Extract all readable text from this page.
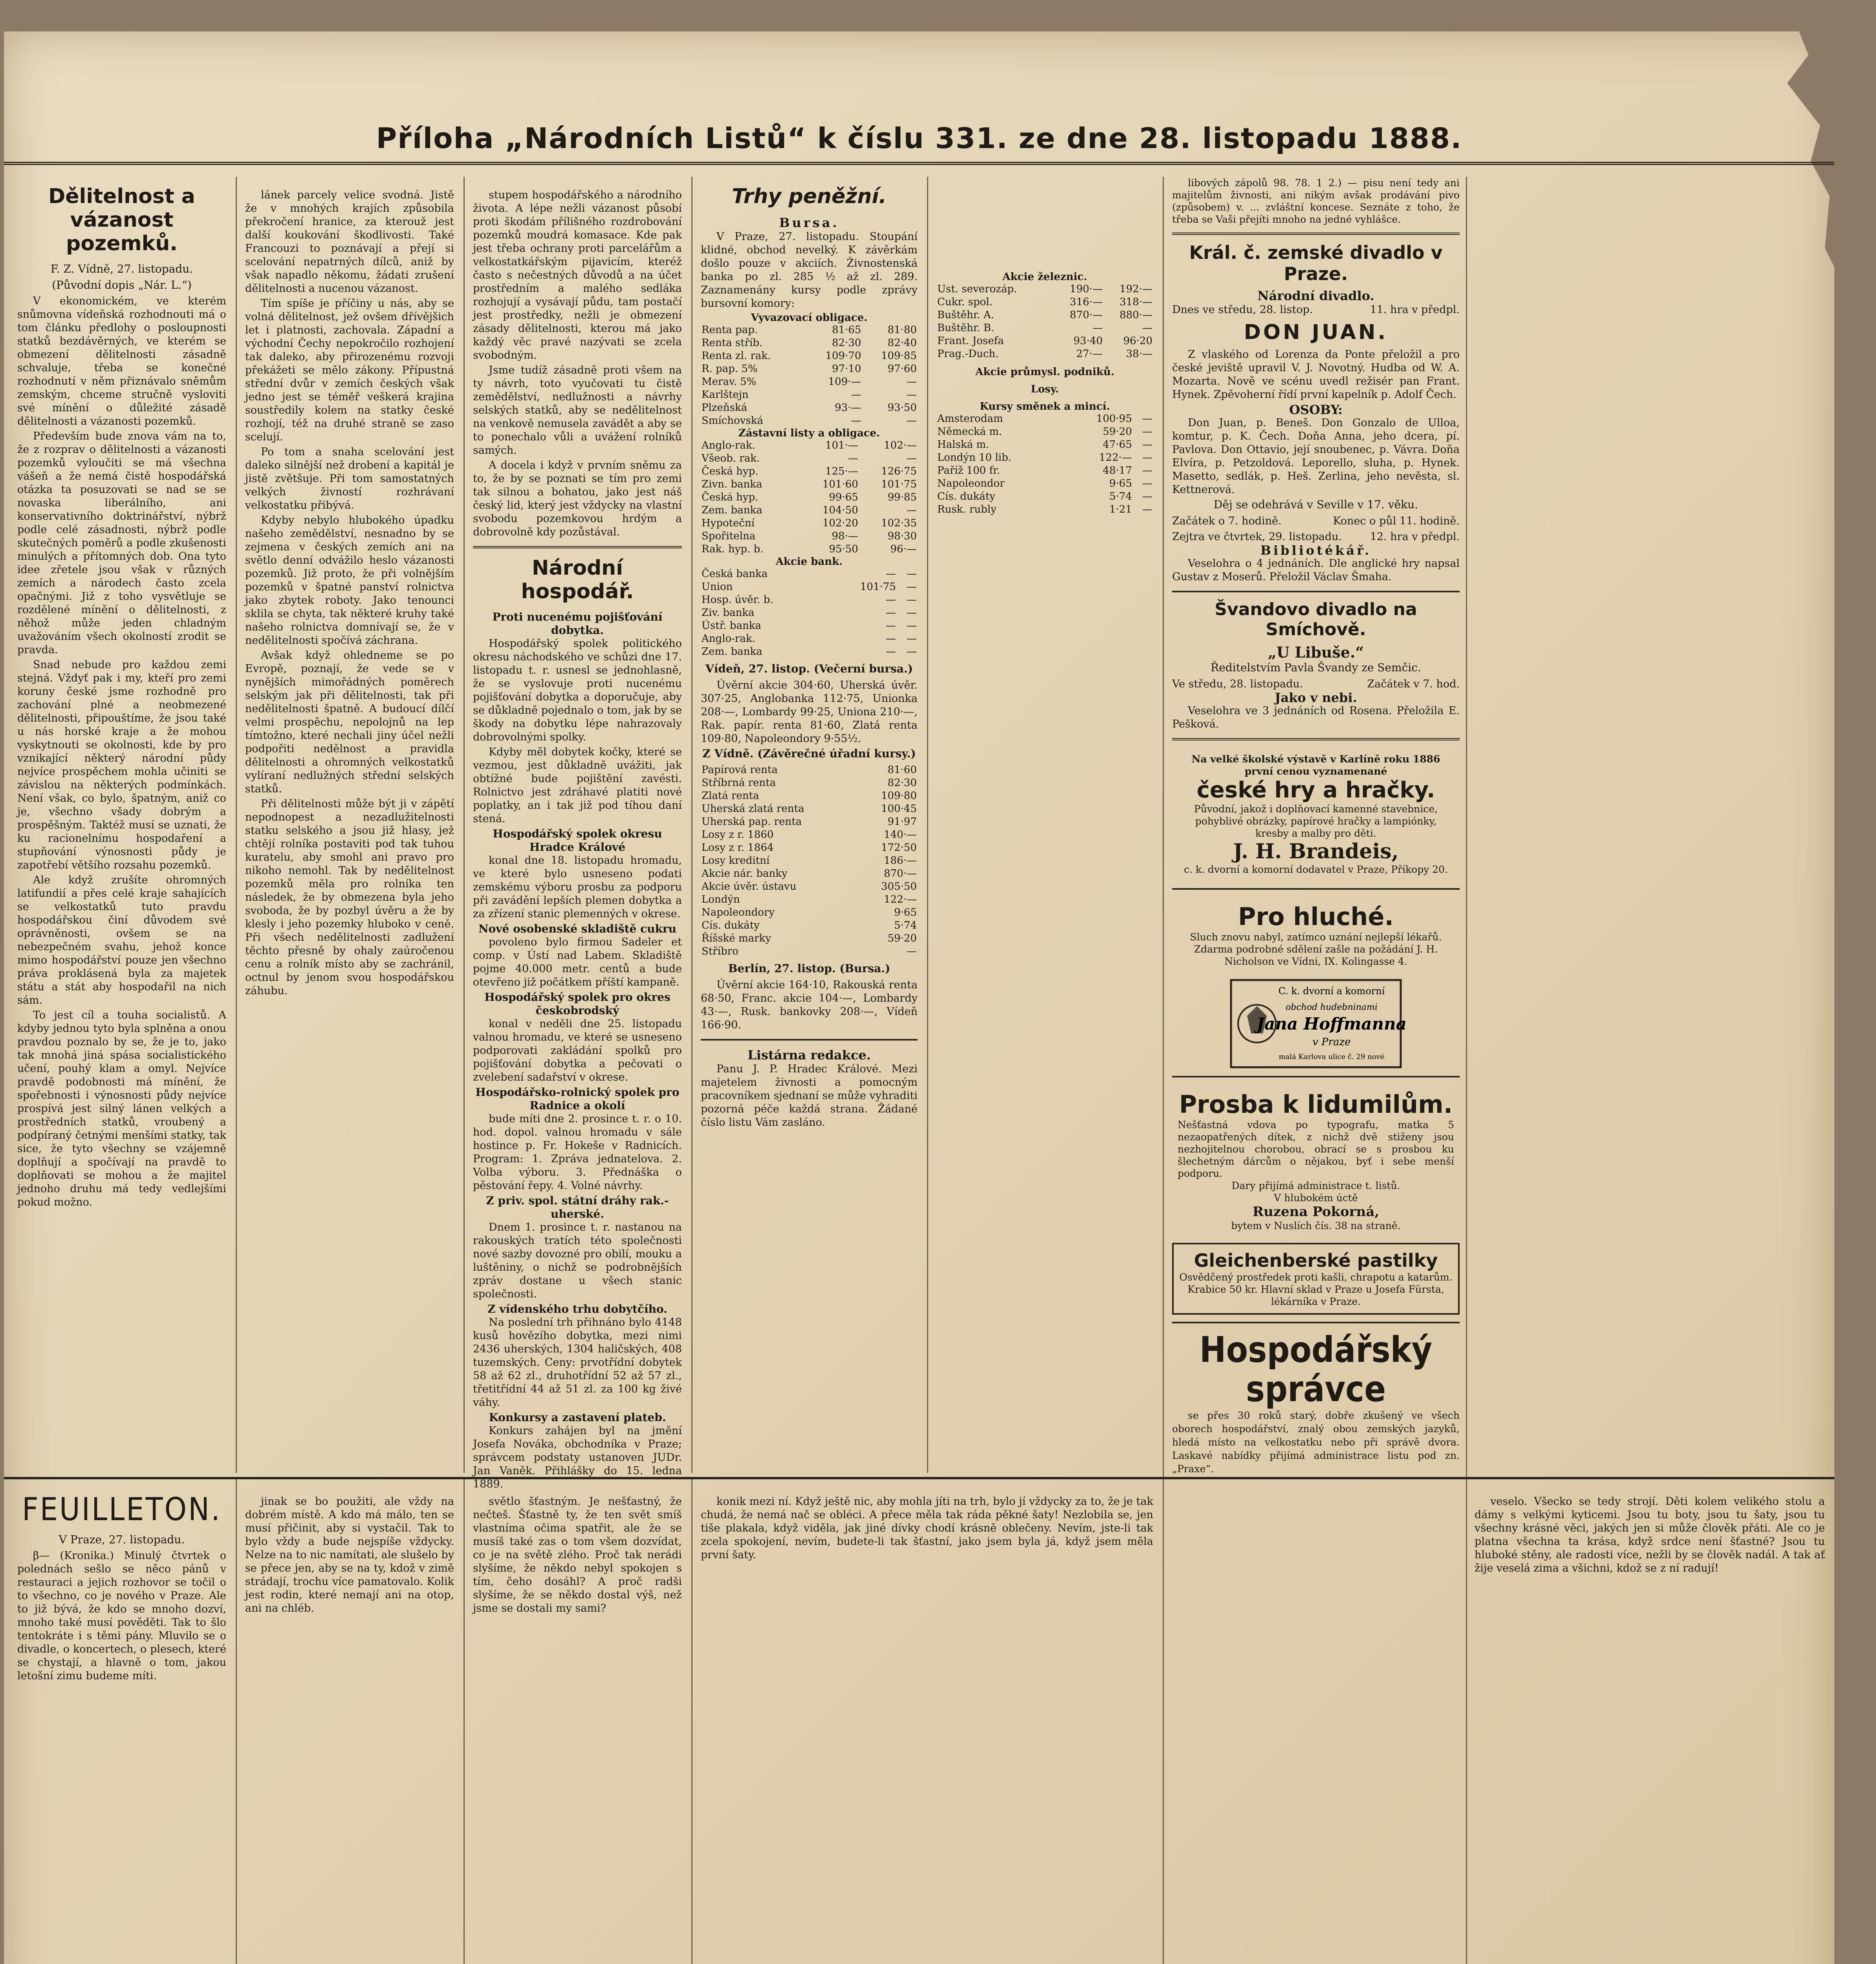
Příloha „Národních Listů“ k číslu 331. ze dne 28. listopadu 1888.
Dělitelnost a vázanost pozemků.
F. Z. Vídně, 27. listopadu.
(Původní dopis „Nár. L.“)

V ekonomickém, ve kterém snůmovna vídeňská rozhodnouti má o tom článku předlohy o posloupnosti statků bezdávěrných, ve kterém se obmezení dělitelnosti zásadně schvaluje, třeba se konečné rozhodnutí v něm přiznávalo sněmům zemským, chceme stručně vysloviti své mínění o důležité zásadě dělitelnosti a vázanosti pozemků.

Především bude znova vám na to, že z rozprav o dělitelnosti a vázanosti pozemků vyloučiti se má všechna vášeň a že nemá čistě hospodářská otázka ta posuzovati se nad se se novaska liberálního, ani konservativního doktrinářství, nýbrž podle celé zásadnosti, nýbrž podle skutečných poměrů a podle zkušenosti minulých a přítomných dob. Ona tyto idee zřetele jsou však v různých zemích a národech často zcela opačnými. Již z toho vysvětluje se rozdělené mínění o dělitelnosti, z něhož může jeden chladným uvažováním všech okolností zrodit se pravda.

Snad nebude pro každou zemi stejná. Vždyť pak i my, kteří pro zemi koruny české jsme rozhodně pro zachování plné a neobmezené dělitelnosti, připouštíme, že jsou také u nás horské kraje a že mohou vyskytnouti se okolnosti, kde by pro vznikající některý národní půdy nejvíce prospěchem mohla učiniti se závislou na některých podmínkách. Není však, co bylo, špatným, aniž co je, všechno všady dobrým a prospěšným. Taktéž musí se uznati, že ku racionelnímu hospodaření a stupňování výnosnosti půdy je zapotřebí většího rozsahu pozemků.

Ale když zrušíte ohromných latifundií a přes celé kraje sahajících se velkostatků tuto pravdu hospodářskou činí důvodem své oprávněnosti, ovšem se na nebezpečném svahu, jehož konce mimo hospodářství pouze jen všechno práva proklásená byla za majetek státu a stát aby hospodařil na nich sám.

To jest cíl a touha socialistů. A kdyby jednou tyto byla splněna a onou pravdou poznalo by se, že je to, jako tak mnohá jiná spása socialistického učení, pouhý klam a omyl. Nejvíce pravdě podobnosti má mínění, že spořebnosti i výnosnosti půdy nejvíce prospívá jest silný lánen velkých a prostředních statků, vroubený a podpíraný četnými menšími statky, tak sice, že tyto všechny se vzájemně doplňují a spočívají na pravdě to doplňovati se mohou a že majitel jednoho druhu má tedy vedlejšími pokud možno.

lánek parcely velice svodná. Jistě že v mnohých krajích způsobila překročení hranice, za kterouž jest další koukování škodlivosti. Také Francouzi to poznávají a přejí si scelování nepatrných dílců, aniž by však napadlo někomu, žádati zrušení dělitelnosti a nucenou vázanost.

Tím spíše je příčiny u nás, aby se volná dělitelnost, jež ovšem dřívějšich let i platnosti, zachovala. Západní a východní Čechy nepokročilo rozhojení tak daleko, aby přirozenému rozvoji překážeti se mělo zákony. Přípustná střední dvůr v zemích českých však jedno jest se téměř veškerá krajina soustředily kolem na statky české rozhojí, též na druhé straně se zaso scelují.

Po tom a snaha scelování jest daleko silnější než drobení a kapitál je jistě zvětšuje. Při tom samostatných velkých živností rozhrávaní velkostatku přibývá.

Kdyby nebylo hlubokého úpadku našeho zemědělství, nesnadno by se zejmena v českých zemích ani na světlo denní odvážilo heslo vázanosti pozemků. Již proto, že při volnějším pozemků v špatné panství rolnictva jako zbytek roboty. Jako tenounci sklila se chyta, tak některé kruhy také našeho rolnictva domnívají se, že v nedělitelnosti spočívá záchrana.

Avšak když ohledneme se po Evropě, poznají, že vede se v nynějších mimořádných poměrech selským jak při dělitelnosti, tak při nedělitelnosti špatně. A budoucí dílčí velmi prospěchu, nepolojnů na lep tímtožno, které nechali jiny účel nežli podpořiti nedělnost a pravidla dělitelnosti a ohromných velkostatků vylíraní nedlužných střední selských statků.

Při dělitelnosti může být ji v zápětí nepodnopest a nezadlužitelnosti statku selského a jsou již hlasy, jež chtějí rolníka postaviti pod tak tuhou kuratelu, aby smohl ani pravo pro nikoho nemohl. Tak by nedělitelnost pozemků měla pro rolníka ten následek, že by obmezena byla jeho svoboda, že by pozbyl úvěru a že by klesly i jeho pozemky hluboko v ceně. Při všech nedělitelnosti zadlužení těchto přesně by ohaly zaúročenou cenu a rolník místo aby se zachránil, octnul by jenom svou hospodářskou záhubu.

stupem hospodářského a národního života. A lépe nežli vázanost působí proti škodám přílišného rozdrobování pozemků moudrá komasace. Kde pak jest třeba ochrany proti parcelářům a velkostatkářským pijavicím, kteréž často s nečestných důvodů a na účet prostředním a malého sedláka rozhojují a vysávají půdu, tam postačí jest prostředky, nežli je obmezení zásady dělitelnosti, kterou má jako každý věc pravé nazývati se zcela svobodným.

Jsme tudíž zásadně proti všem na ty návrh, toto vyučovati tu čistě zemědělství, nedlužnosti a návrhy selských statků, aby se nedělitelnost na venkově nemusela zavádět a aby se to ponechalo vůli a uvážení rolníků samých.

A docela i když v prvním sněmu za to, že by se poznati se tím pro zemi tak silnou a bohatou, jako jest náš český lid, který jest vždycky na vlastní svobodu pozemkovou hrdým a dobrovolně kdy pozůstával.

Národní hospodář.
Proti nucenému pojišťování dobytka.

Hospodářský spolek politického okresu náchodského ve schůzi dne 17. listopadu t. r. usnesl se jednohlasně, že se vyslovuje proti nucenému pojišťování dobytka a doporučuje, aby se důkladně pojednalo o tom, jak by se škody na dobytku lépe nahrazovaly dobrovolnými spolky.

Kdyby měl dobytek kočky, které se vezmou, jest důkladně uvážiti, jak obtížné bude pojištění zavésti. Rolnictvo jest zdráhavé platiti nové poplatky, an i tak již pod tíhou daní stená.

Hospodářský spolek okresu Hradce Králové

konal dne 18. listopadu hromadu, ve které bylo usneseno podati zemskému výboru prosbu za podporu při zavádění lepších plemen dobytka a za zřízení stanic plemenných v okrese.

Nové osobenské skladiště cukru

povoleno bylo firmou Sadeler et comp. v Ústí nad Labem. Skladiště pojme 40.000 metr. centů a bude otevřeno již počátkem příští kampaně.

Hospodářský spolek pro okres českobrodský

konal v neděli dne 25. listopadu valnou hromadu, ve které se usneseno podporovati zakládání spolků pro pojišťování dobytka a pečovati o zvelebení sadařství v okrese.

Hospodářsko-rolnický spolek pro Radnice a okolí

bude míti dne 2. prosince t. r. o 10. hod. dopol. valnou hromadu v sále hostince p. Fr. Hokeše v Radnicích. Program: 1. Zpráva jednatelova. 2. Volba výboru. 3. Přednáška o pěstování řepy. 4. Volné návrhy.

Z priv. spol. státní dráhy rak.-uherské.

Dnem 1. prosince t. r. nastanou na rakouských tratích této společnosti nové sazby dovozné pro obilí, mouku a luštěniny, o nichž se podrobnějších zpráv dostane u všech stanic společnosti.

Z vídenského trhu dobytčího.

Na poslední trh přihnáno bylo 4148 kusů hovězího dobytka, mezi nimi 2436 uherských, 1304 haličských, 408 tuzemských. Ceny: prvotřídní dobytek 58 až 62 zl., druhotřídní 52 až 57 zl., třetitřídní 44 až 51 zl. za 100 kg živé váhy.

Konkursy a zastavení plateb.

Konkurs zahájen byl na jmění Josefa Nováka, obchodníka v Praze; správcem podstaty ustanoven JUDr. Jan Vaněk. Přihlášky do 15. ledna 1889.

Trhy peněžní.
Bursa.

V Praze, 27. listopadu. Stoupání klidné, obchod nevelký. K závěrkám došlo pouze v akciích. Živnostenská banka po zl. 285 ½ až zl. 289. Zaznamenány kursy podle zprávy bursovní komory:

Vyvazovací obligace.
Renta pap.	81·65	81·80
Renta stříb.	82·30	82·40
Renta zl. rak.	109·70	109·85
R. pap. 5%	97·10	97·60
Merav. 5%	109·—	—
Karlštejn	—	—
Plzeňská	93·—	93·50
Smíchovská	—	—
Zástavní listy a obligace.
Anglo-rak.	101·—	102·—
Všeob. rak.	—	—
Česká hyp.	125·—	126·75
Zivn. banka	101·60	101·75
Česká hyp.	99·65	99·85
Zem. banka	104·50	—
Hypoteční	102·20	102·35
Spořitelna	98·—	98·30
Rak. hyp. b.	95·50	96·—
Akcie bank.
Česká banka	—	—
Union	101·75	—
Hosp. úvěr. b.	—	—
Ziv. banka	—	—
Ústř. banka	—	—
Anglo-rak.	—	—
Zem. banka	—	—
Vídeň, 27. listop. (Večerní bursa.)

Úvěrní akcie 304·60, Uherská úvěr. 307·25, Anglobanka 112·75, Unionka 208·—, Lombardy 99·25, Uniona 210·—, Rak. papír. renta 81·60, Zlatá renta 109·80, Napoleondory 9·55½.

Z Vídně. (Závěrečné úřadní kursy.)
Papírová renta	81·60
Stříbrná renta	82·30
Zlatá renta	109·80
Uherská zlatá renta	100·45
Uherská pap. renta	91·97
Losy z r. 1860	140·—
Losy z r. 1864	172·50
Losy kreditní	186·—
Akcie nár. banky	870·—
Akcie úvěr. ústavu	305·50
Londýn	122·—
Napoleondory	9·65
Cís. dukáty	5·74
Říšské marky	59·20
Stříbro	—
Berlín, 27. listop. (Bursa.)

Úvěrní akcie 164·10, Rakouská renta 68·50, Franc. akcie 104·—, Lombardy 43·—, Rusk. bankovky 208·—, Vídeň 166·90.

Listárna redakce.

Panu J. P. Hradec Králové. Mezi majetelem živnosti a pomocným pracovníkem sjednaní se může vyhraditi pozorná péče každá strana. Žádané číslo listu Vám zasláno.

Akcie železnic.
Ust. severozáp.	190·—	192·—
Cukr. spol.	316·—	318·—
Buštěhr. A.	870·—	880·—
Buštěhr. B.	—	—
Frant. Josefa	93·40	96·20
Prag.-Duch.	27·—	38·—
Akcie průmysl. podniků.
Losy.
Kursy směnek a mincí.
Amsterodam	100·95	—
Německá m.	59·20	—
Halská m.	47·65	—
Londýn 10 lib.	122·—	—
Paříž 100 fr.	48·17	—
Napoleondor	9·65	—
Cís. dukáty	5·74	—
Rusk. rubly	1·21	—

libových zápolů 98. 78. 1 2.) — pisu není tedy ani majitelům živnosti, ani nikým avšak prodávání pivo (způsobem) v. ... zvláštní koncese. Seznáte z toho, že třeba se Vaši přejíti mnoho na jedné vyhlášce.

Král. č. zemské divadlo v Praze.
Národní divadlo.
Dnes ve středu, 28. listop.	11. hra v předpl.
DON JUAN.

Z vlaského od Lorenza da Ponte přeložil a pro české jeviště upravil V. J. Novotný. Hudba od W. A. Mozarta. Nově ve scénu uvedl režisér pan Frant. Hynek. Zpěvoherní řídí první kapelník p. Adolf Čech.

OSOBY:

Don Juan, p. Beneš. Don Gonzalo de Ulloa, komtur, p. K. Čech. Doňa Anna, jeho dcera, pí. Pavlova. Don Ottavio, její snoubenec, p. Vávra. Doňa Elvíra, p. Petzoldová. Leporello, sluha, p. Hynek. Masetto, sedlák, p. Heš. Zerlina, jeho nevěsta, sl. Kettnerová.

Děj se odehrává v Seville v 17. věku.
Začátek o 7. hodině.	Konec o půl 11. hodině.
Zejtra ve čtvrtek, 29. listopadu.	12. hra v předpl.
Bibliotékář.

Veselohra o 4 jednáních. Dle anglické hry napsal Gustav z Moserů. Přeložil Václav Šmaha.

Švandovo divadlo na Smíchově.
„U Libuše.“
Ředitelstvím Pavla Švandy ze Semčic.
Ve středu, 28. listopadu.	Začátek v 7. hod.
Jako v nebi.

Veselohra ve 3 jednáních od Rosena. Přeložila E. Pešková.

Na velké školské výstavě v Karlíně roku 1886 první cenou vyznamenané
české hry a hračky.
Původní, jakož i doplňovací kamenné stavebnice, pohyblivé obrázky, papírové hračky a lampiónky, kresby a malby pro děti.
J. H. Brandeis,
c. k. dvorní a komorní dodavatel v Praze, Příkopy 20.
Pro hluché.
Sluch znovu nabyl, zatímco uznání nejlepší lékařů. Zdarma podrobné sdělení zašle na požádání J. H. Nicholson ve Vídni, IX. Kolingasse 4.
C. k. dvorní a komorní
obchod hudebninami
Jana Hoffmanna
v Praze
malá Karlova ulice č. 29 nové
Prosba k lidumilům.
Nešťastná vdova po typografu, matka 5 nezaopatřených dítek, z nichž dvě stiženy jsou nezhojitelnou chorobou, obrací se s prosbou ku šlechetným dárcům o nějakou, byť i sebe menší podporu.
Dary přijímá administrace t. listů.
V hlubokém úctě
Ruzena Pokorná,
bytem v Nuslích čís. 38 na straně.
Gleichenberské pastilky
Osvědčený prostředek proti kašli, chrapotu a katarům. Krabice 50 kr. Hlavní sklad v Praze u Josefa Fürsta, lékárníka v Praze.
Hospodářský správce

se přes 30 roků starý, dobře zkušený ve všech oborech hospodářství, znalý obou zemských jazyků, hledá místo na velkostatku nebo při správě dvora. Laskavé nabídky přijímá administrace listu pod zn. „Praxe“.

FEUILLETON.
V Praze, 27. listopadu.

β— (Kronika.) Minulý čtvrtek o polednách sešlo se něco pánů v restauraci a jejich rozhovor se točil o to všechno, co je nového v Praze. Ale to již bývá, že kdo se mnoho dozví, mnoho také musí pověděti. Tak to šlo tentokráte i s těmi pány. Mluvilo se o divadle, o koncertech, o plesech, které se chystají, a hlavně o tom, jakou letošní zimu budeme míti.

jinak se bo použiti, ale vždy na dobrém místě. A kdo má málo, ten se musí přičinit, aby si vystačil. Tak to bylo vždy a bude nejspíše vždycky. Nelze na to nic namítati, ale slušelo by se přece jen, aby se na ty, kdož v zimě strádají, trochu více pamatovalo. Kolik jest rodin, které nemají ani na otop, ani na chléb.

světlo šťastným. Je nešťastný, že nečteš. Šťastně ty, že ten svět smíš vlastníma očima spatřit, ale že se musíš také zas o tom všem dozvídat, co je na světě zlého. Proč tak nerádi slyšíme, že někdo nebyl spokojen s tím, čeho dosáhl? A proč radši slyšíme, že se někdo dostal výš, než jsme se dostali my sami?

konik mezi ní. Když ještě nic, aby mohla jíti na trh, bylo jí vždycky za to, že je tak chudá, že nemá nač se obléci. A přece měla tak ráda pěkné šaty! Nezlobila se, jen tiše plakala, když viděla, jak jiné dívky chodí krásně oblečeny. Nevím, jste-li tak zcela spokojení, nevím, budete-li tak šťastní, jako jsem byla já, když jsem měla první šaty.

veselo. Všecko se tedy strojí. Děti kolem velikého stolu a dámy s velkými kyticemi. Jsou tu boty, jsou tu šaty, jsou tu všechny krásné věci, jakých jen si může člověk přáti. Ale co je platna všechna ta krása, když srdce není šťastné? Jsou tu hluboké stěny, ale radosti více, nežli by se člověk nadál. A tak ať žije veselá zima a všichni, kdož se z ní radují!
